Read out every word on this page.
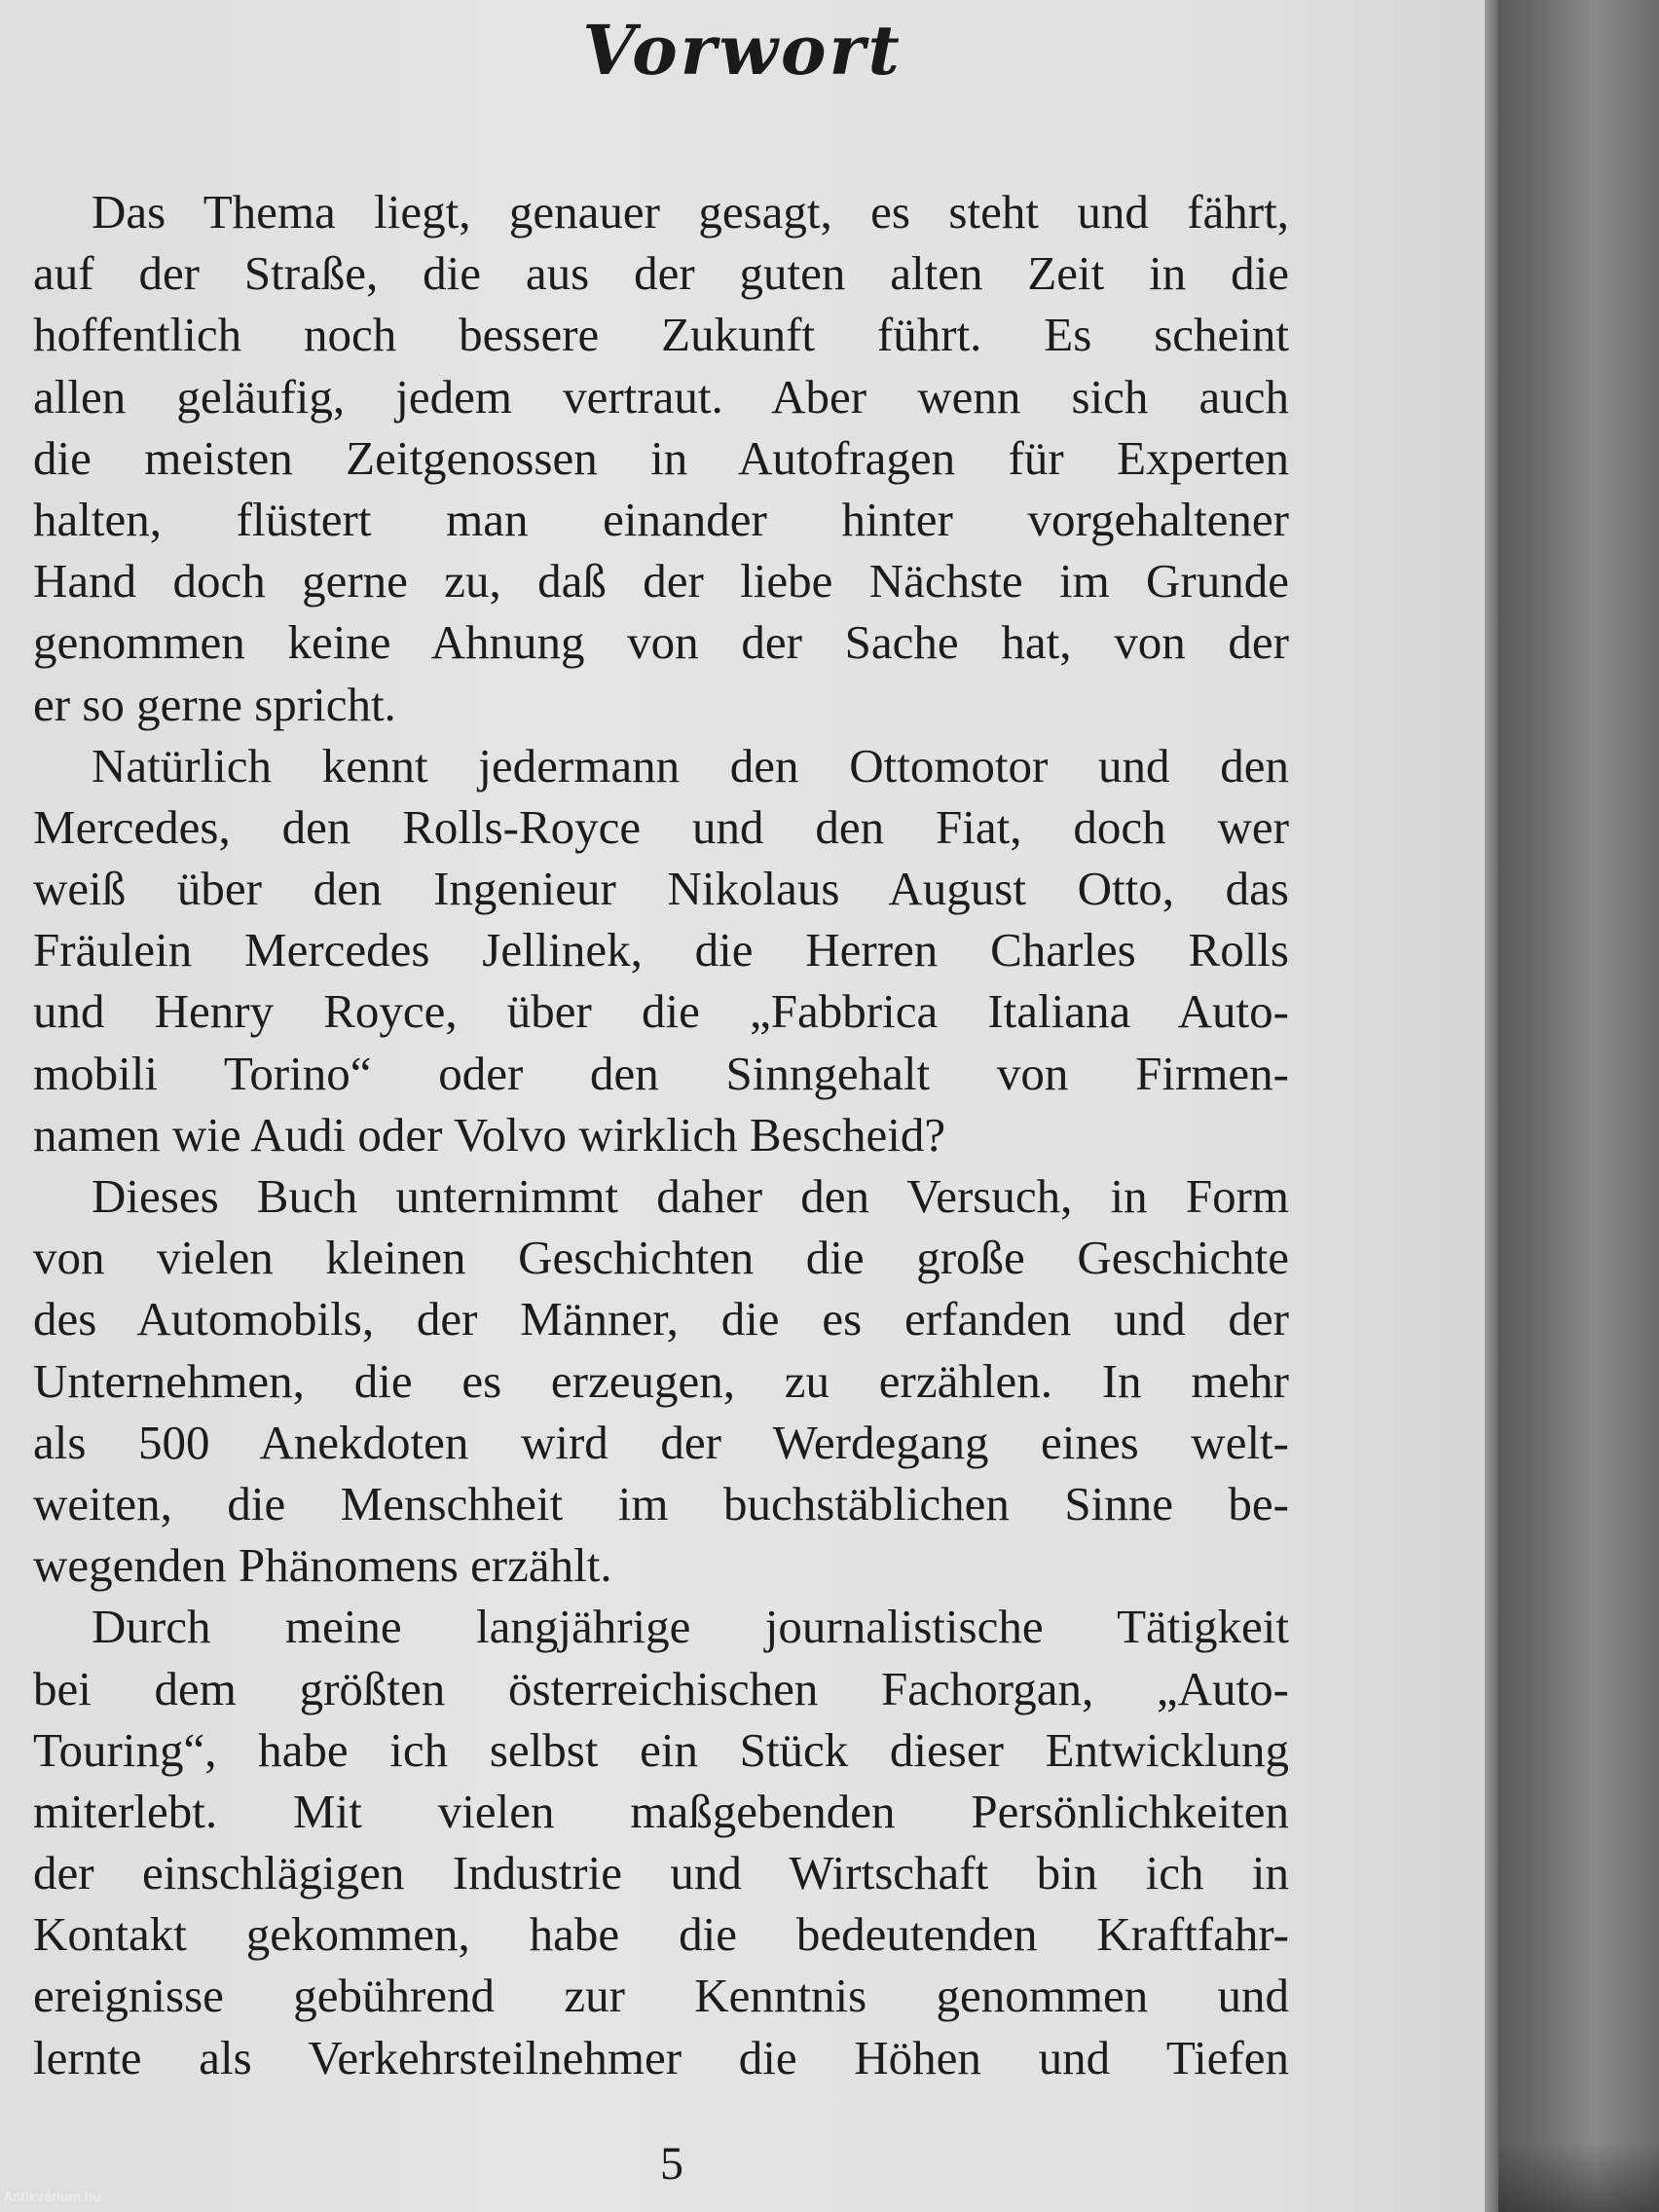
Vorwort
Das Thema liegt, genauer gesagt, es steht und fährt,
auf der Straße, die aus der guten alten Zeit in die
hoffentlich noch bessere Zukunft führt. Es scheint
allen geläufig, jedem vertraut. Aber wenn sich auch
die meisten Zeitgenossen in Autofragen für Experten
halten, flüstert man einander hinter vorgehaltener
Hand doch gerne zu, daß der liebe Nächste im Grunde
genommen keine Ahnung von der Sache hat, von der
er so gerne spricht.
Natürlich kennt jedermann den Ottomotor und den
Mercedes, den Rolls-Royce und den Fiat, doch wer
weiß über den Ingenieur Nikolaus August Otto, das
Fräulein Mercedes Jellinek, die Herren Charles Rolls
und Henry Royce, über die „Fabbrica Italiana Auto-
mobili Torino“ oder den Sinngehalt von Firmen-
namen wie Audi oder Volvo wirklich Bescheid?
Dieses Buch unternimmt daher den Versuch, in Form
von vielen kleinen Geschichten die große Geschichte
des Automobils, der Männer, die es erfanden und der
Unternehmen, die es erzeugen, zu erzählen. In mehr
als 500 Anekdoten wird der Werdegang eines welt-
weiten, die Menschheit im buchstäblichen Sinne be-
wegenden Phänomens erzählt.
Durch meine langjährige journalistische Tätigkeit
bei dem größten österreichischen Fachorgan, „Auto-
Touring“, habe ich selbst ein Stück dieser Entwicklung
miterlebt. Mit vielen maßgebenden Persönlichkeiten
der einschlägigen Industrie und Wirtschaft bin ich in
Kontakt gekommen, habe die bedeutenden Kraftfahr-
ereignisse gebührend zur Kenntnis genommen und
lernte als Verkehrsteilnehmer die Höhen und Tiefen
5
Antikvárium.hu
